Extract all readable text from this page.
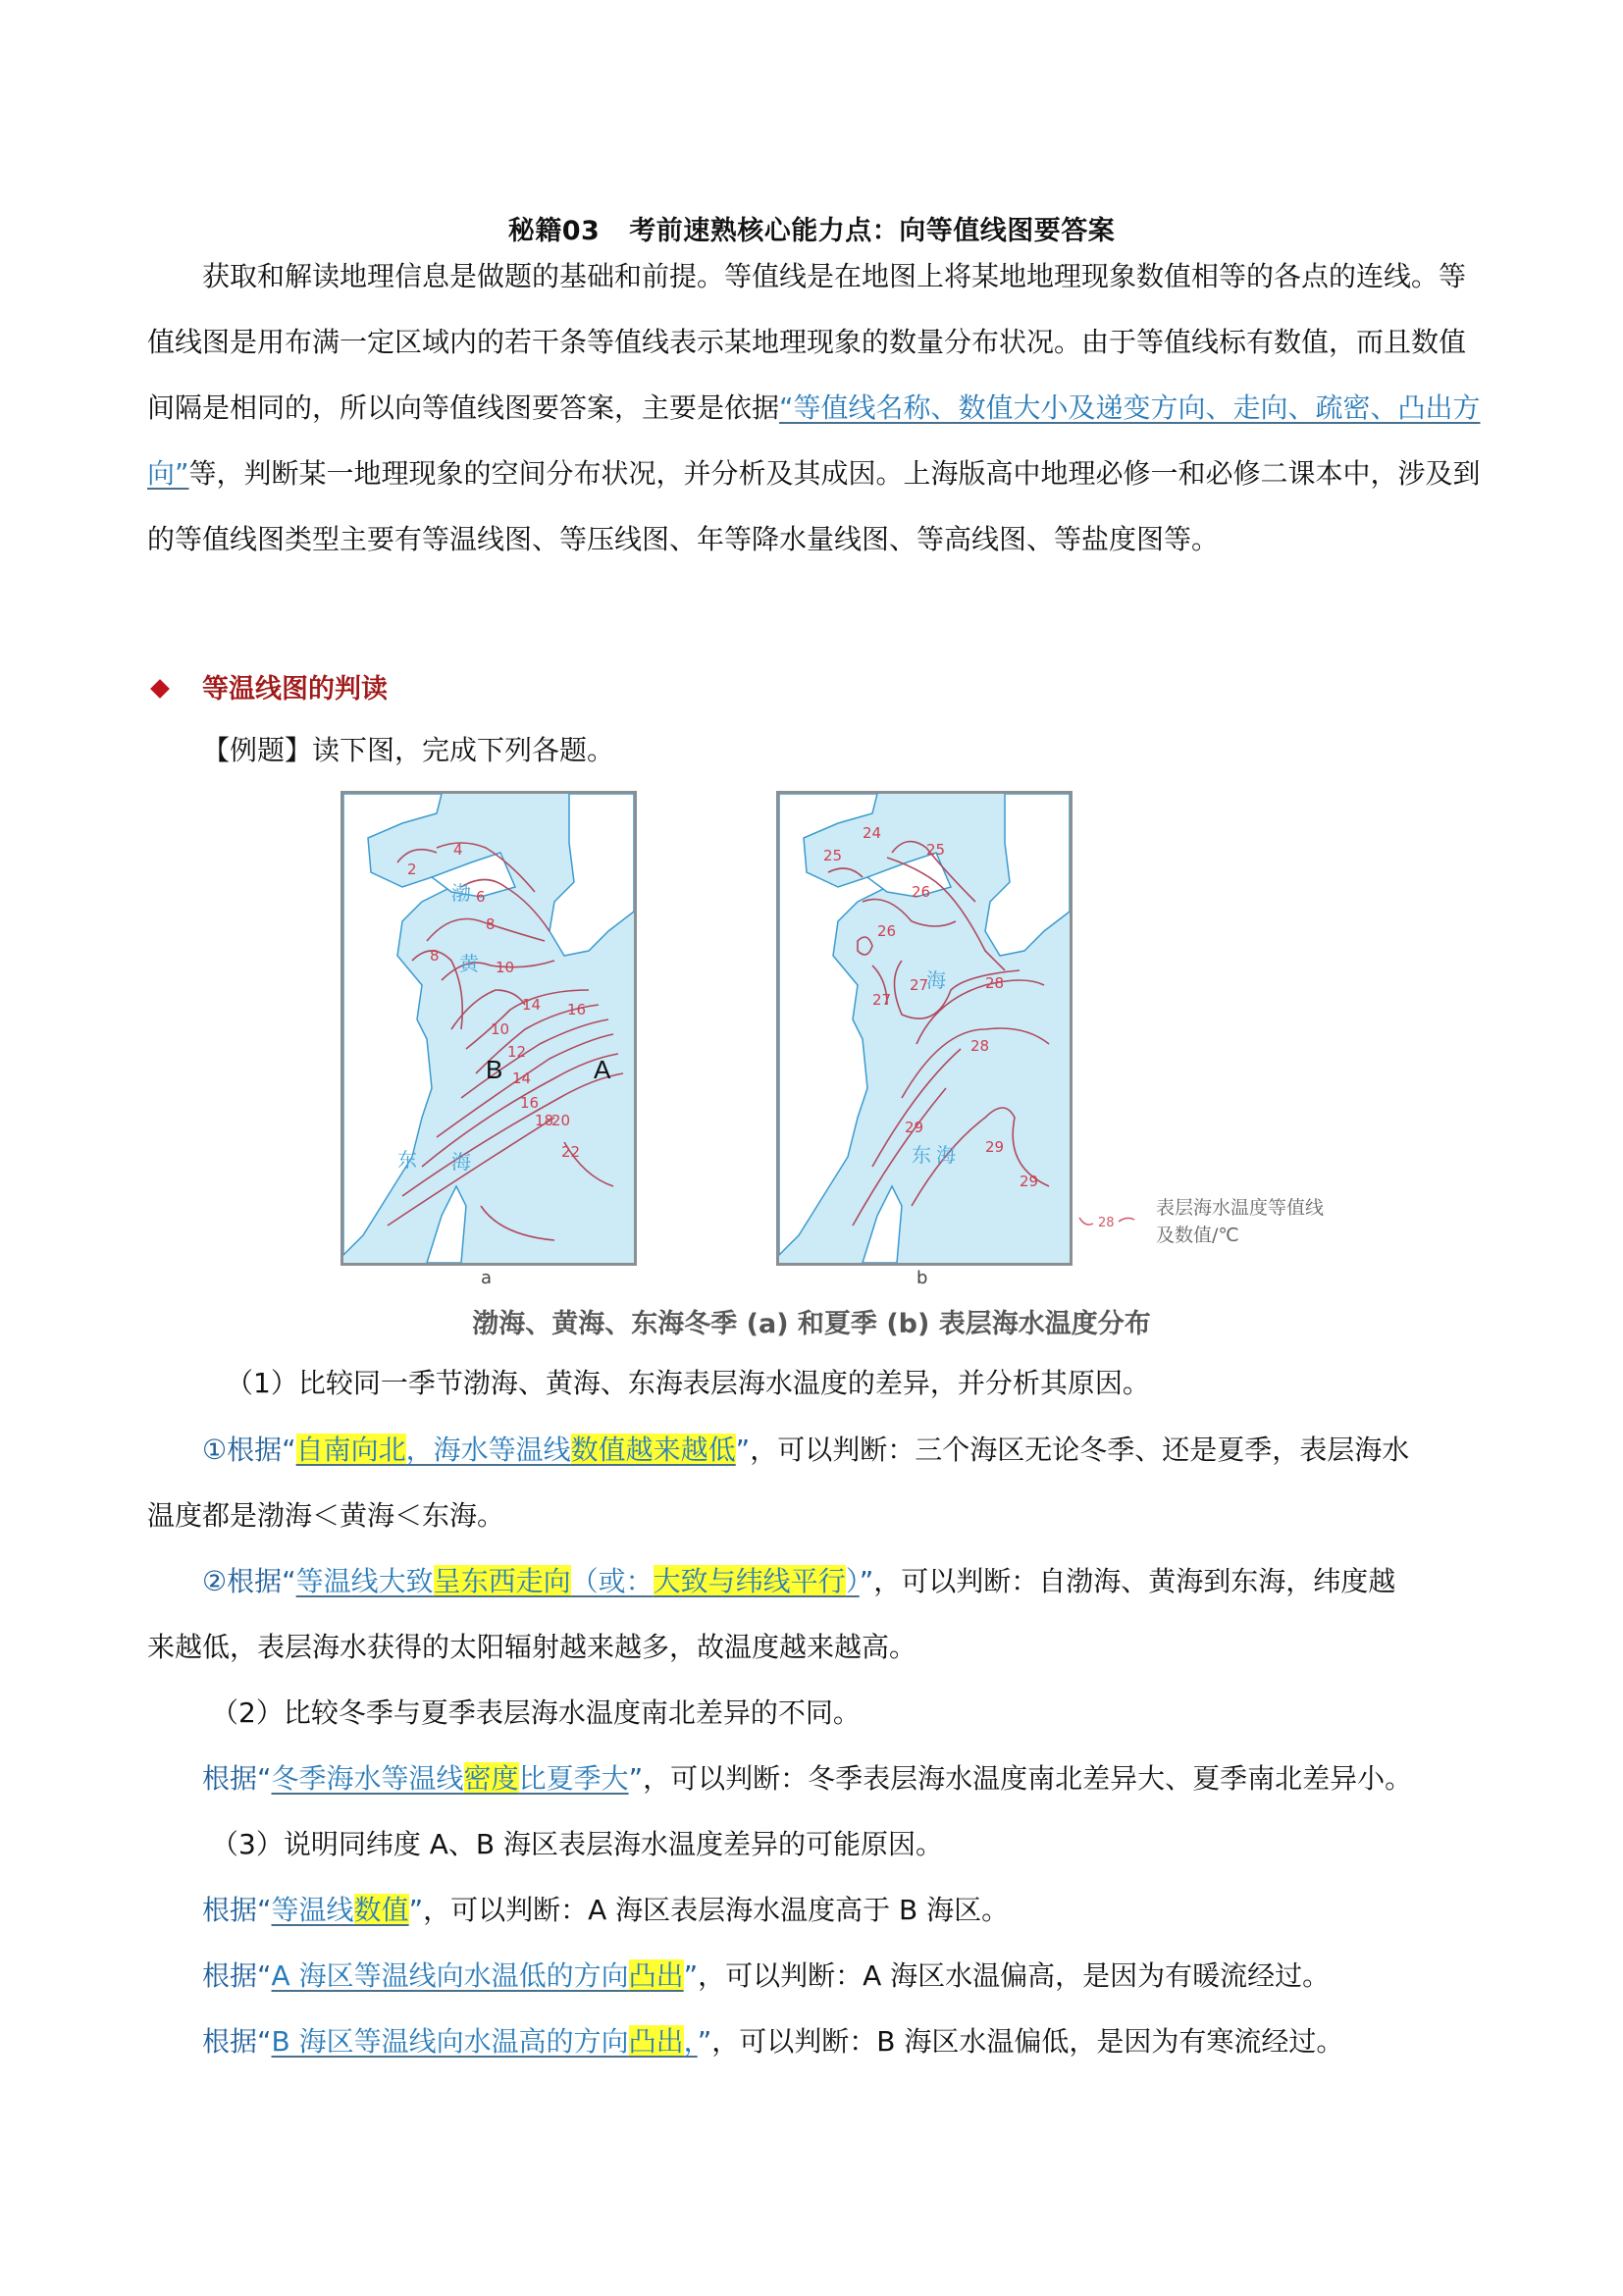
秘籍03 考前速熟核心能力点：向等值线图要答案
获取和解读地理信息是做题的基础和前提。等值线是在地图上将某地地理现象数值相等的各点的连线。等值线图是用布满一定区域内的若干条等值线表示某地理现象的数量分布状况。由于等值线标有数值，而且数值间隔是相同的，所以向等值线图要答案，主要是依据“等值线名称、数值大小及递变方向、走向、疏密、凸出方向”等，判断某一地理现象的空间分布状况，并分析及其成因。上海版高中地理必修一和必修二课本中，涉及到的等值线图类型主要有等温线图、等压线图、年等降水量线图、等高线图、等盐度图等。
等温线图的判读
【例题】读下图，完成下列各题。
渤
黄
东 海
2
4
6
8
8
10
10
12
14
14
16
16
18
20
22
B	A
a
海
东 海
24
25	25
26
26
27
27
28
28
29
29
29
b
28
表层海水温度等值线
及数值/℃
渤海、黄海、东海冬季 (a) 和夏季 (b) 表层海水温度分布
（1）比较同一季节渤海、黄海、东海表层海水温度的差异，并分析其原因。
①根据“自南向北，海水等温线数值越来越低”，可以判断：三个海区无论冬季、还是夏季，表层海水
温度都是渤海＜黄海＜东海。
②根据“等温线大致呈东西走向（或：大致与纬线平行）”，可以判断：自渤海、黄海到东海，纬度越
来越低，表层海水获得的太阳辐射越来越多，故温度越来越高。
（2）比较冬季与夏季表层海水温度南北差异的不同。
根据“冬季海水等温线密度比夏季大”，可以判断：冬季表层海水温度南北差异大、夏季南北差异小。
（3）说明同纬度 A、B 海区表层海水温度差异的可能原因。
根据“等温线数值”，可以判断：A 海区表层海水温度高于 B 海区。
根据“A 海区等温线向水温低的方向凸出”，可以判断：A 海区水温偏高，是因为有暖流经过。
根据“B 海区等温线向水温高的方向凸出，”，可以判断：B 海区水温偏低，是因为有寒流经过。
